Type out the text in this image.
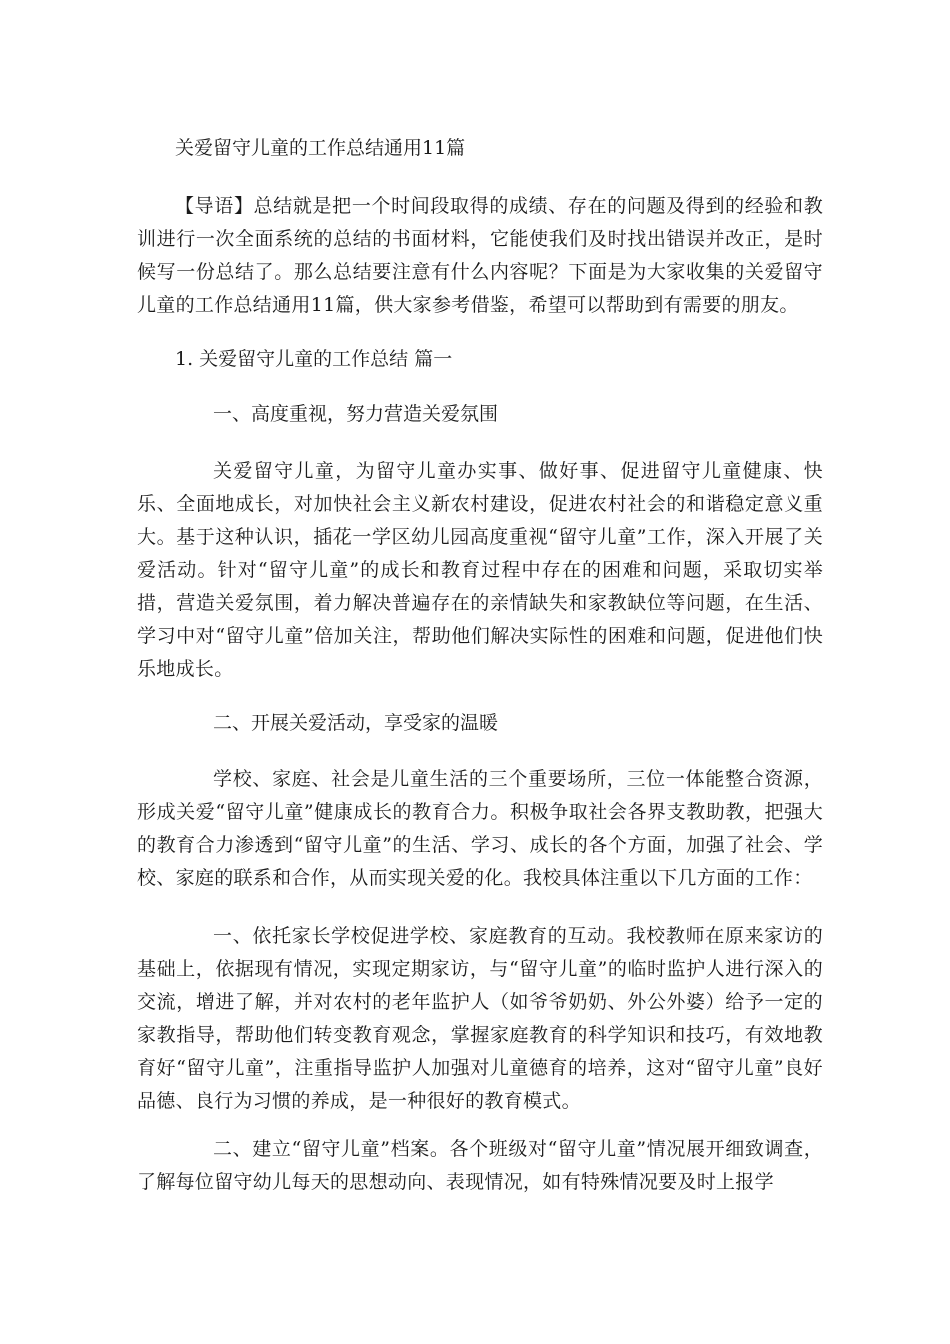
关爱留守儿童的工作总结通用11篇
【导语】总结就是把一个时间段取得的成绩、存在的问题及得到的经验和教训进行一次全面系统的总结的书面材料，它能使我们及时找出错误并改正，是时候写一份总结了。那么总结要注意有什么内容呢？下面是为大家收集的关爱留守儿童的工作总结通用11篇，供大家参考借鉴，希望可以帮助到有需要的朋友。
1. 关爱留守儿童的工作总结 篇一
一、高度重视，努力营造关爱氛围
关爱留守儿童，为留守儿童办实事、做好事、促进留守儿童健康、快乐、全面地成长，对加快社会主义新农村建设，促进农村社会的和谐稳定意义重大。基于这种认识，插花一学区幼儿园高度重视“留守儿童”工作，深入开展了关爱活动。针对“留守儿童”的成长和教育过程中存在的困难和问题，采取切实举措，营造关爱氛围，着力解决普遍存在的亲情缺失和家教缺位等问题，在生活、学习中对“留守儿童”倍加关注，帮助他们解决实际性的困难和问题，促进他们快乐地成长。
二、开展关爱活动，享受家的温暖
学校、家庭、社会是儿童生活的三个重要场所，三位一体能整合资源，形成关爱“留守儿童”健康成长的教育合力。积极争取社会各界支教助教，把强大的教育合力渗透到“留守儿童”的生活、学习、成长的各个方面，加强了社会、学校、家庭的联系和合作，从而实现关爱的化。我校具体注重以下几方面的工作：
一、依托家长学校促进学校、家庭教育的互动。我校教师在原来家访的基础上，依据现有情况，实现定期家访，与“留守儿童”的临时监护人进行深入的交流，增进了解，并对农村的老年监护人（如爷爷奶奶、外公外婆）给予一定的家教指导，帮助他们转变教育观念，掌握家庭教育的科学知识和技巧，有效地教育好“留守儿童”，注重指导监护人加强对儿童德育的培养，这对“留守儿童”良好品德、良行为习惯的养成，是一种很好的教育模式。
二、建立“留守儿童”档案。各个班级对“留守儿童”情况展开细致调查，了解每位留守幼儿每天的思想动向、表现情况，如有特殊情况要及时上报学
